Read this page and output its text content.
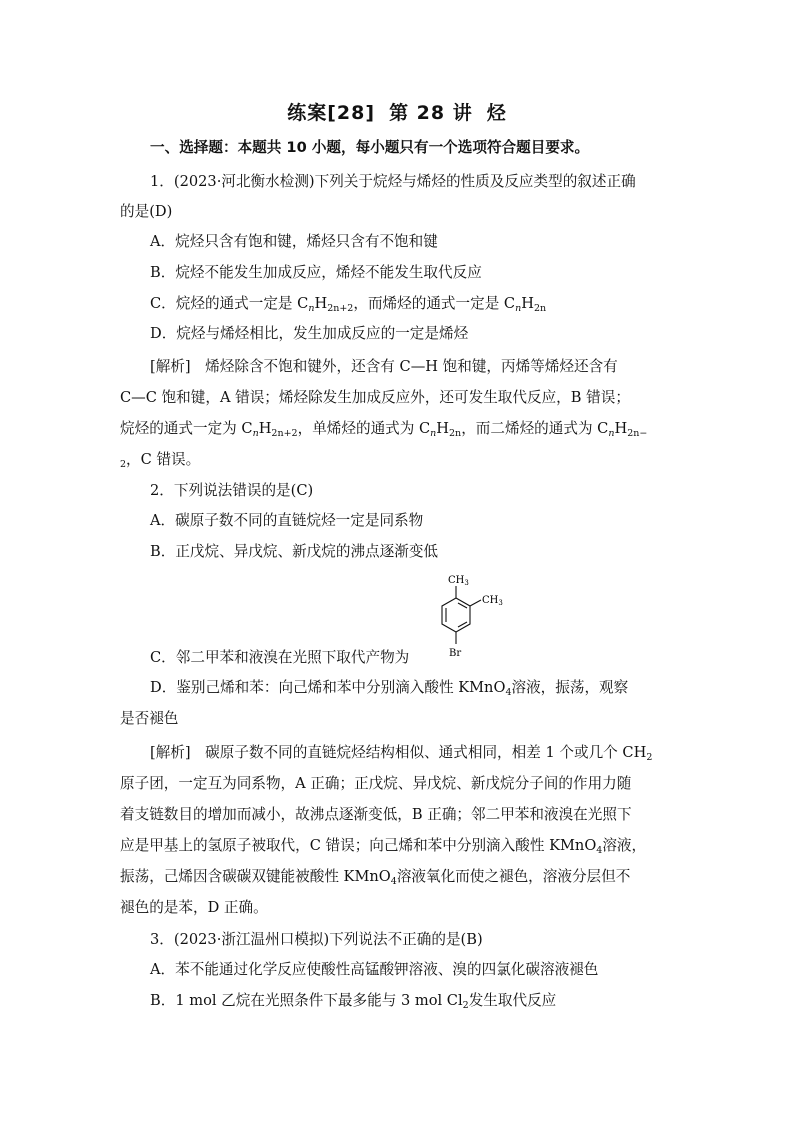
练案[28] 第 28 讲 烃
一、选择题：本题共 10 小题，每小题只有一个选项符合题目要求。
1．(2023·河北衡水检测)下列关于烷烃与烯烃的性质及反应类型的叙述正确
的是(D)
A．烷烃只含有饱和键，烯烃只含有不饱和键
B．烷烃不能发生加成反应，烯烃不能发生取代反应
C．烷烃的通式一定是 $C_nH_{2n+2}$，而烯烃的通式一定是 $C_nH_{2n}$
D．烷烃与烯烃相比，发生加成反应的一定是烯烃
[解析]　烯烃除含不饱和键外，还含有 C—H 饱和键，丙烯等烯烃还含有
C—C 饱和键，A 错误；烯烃除发生加成反应外，还可发生取代反应，B 错误；
烷烃的通式一定为 $C_nH_{2n+2}$，单烯烃的通式为 $C_nH_{2n}$，而二烯烃的通式为 $C_nH_{2n-}$
$_2$，C 错误。
2．下列说法错误的是(C)
A．碳原子数不同的直链烷烃一定是同系物
B．正戊烷、异戊烷、新戊烷的沸点逐渐变低
$CH_3$
$CH_3$
Br
C．邻二甲苯和液溴在光照下取代产物为
D．鉴别己烯和苯：向己烯和苯中分别滴入酸性 KMnO$_4$溶液，振荡，观察
是否褪色
[解析]　碳原子数不同的直链烷烃结构相似、通式相同，相差 1 个或几个 $CH_2$
原子团，一定互为同系物，A 正确；正戊烷、异戊烷、新戊烷分子间的作用力随
着支链数目的增加而减小，故沸点逐渐变低，B 正确；邻二甲苯和液溴在光照下
应是甲基上的氢原子被取代，C 错误；向己烯和苯中分别滴入酸性 KMnO$_4$溶液，
振荡，己烯因含碳碳双键能被酸性 KMnO$_4$溶液氧化而使之褪色，溶液分层但不
褪色的是苯，D 正确。
3．(2023·浙江温州口模拟)下列说法不正确的是(B)
A．苯不能通过化学反应使酸性高锰酸钾溶液、溴的四氯化碳溶液褪色
B．1 mol 乙烷在光照条件下最多能与 3 mol $Cl_2$发生取代反应
